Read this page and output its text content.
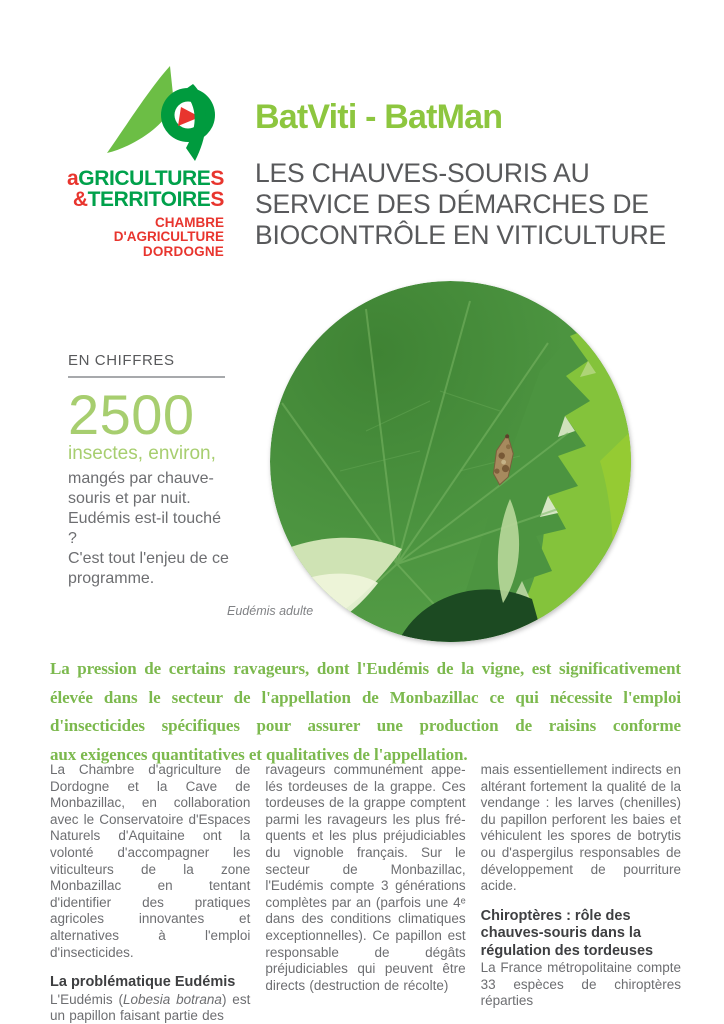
aGRICULTURES
&TERRITOIRES
CHAMBRE D'AGRICULTURE
DORDOGNE
BatViti - BatMan
LES CHAUVES-SOURIS AU
SERVICE DES DÉMARCHES DE
BIOCONTRÔLE EN VITICULTURE
EN CHIFFRES
2500
insectes, environ,
mangés par chauve-
souris et par nuit.
Eudémis est-il touché ?
C'est tout l'enjeu de ce
programme.
Eudémis adulte
La pression de certains ravageurs, dont l'Eudémis de la vigne, est significativement
élevée dans le secteur de l'appellation de Monbazillac ce qui nécessite l'emploi
d'insecticides spécifiques pour assurer une production de raisins conforme
aux exigences quantitatives et qualitatives de l'appellation.

La Chambre d'agriculture de Dordogne et la Cave de Monbazillac, en collaboration avec le Conservatoire d'Espaces Naturels d'Aquitaine ont la volonté d'accompagner les viticulteurs de la zone Monbazillac en tentant d'identifier des pratiques agricoles innovantes et alternatives à l'emploi d'insecticides.

La problématique Eudémis

L'Eudémis (Lobesia botrana) est un papillon faisant partie des

ravageurs communément appelés tordeuses de la grappe. Ces tordeuses de la grappe comptent parmi les ravageurs les plus fréquents et les plus préjudiciables du vignoble français. Sur le secteur de Monbazillac, l'Eudémis compte 3 générations complètes par an (parfois une 4ᵉ dans des conditions climatiques exceptionnelles). Ce papillon est responsable de dégâts préjudiciables qui peuvent être directs (destruction de récolte)

mais essentiellement indirects en altérant fortement la qualité de la vendange : les larves (chenilles) du papillon perforent les baies et véhiculent les spores de botrytis ou d'aspergilus responsables de développement de pourriture acide.

Chiroptères : rôle des chauves-souris dans la régulation des tordeuses

La France métropolitaine compte 33 espèces de chiroptères réparties
